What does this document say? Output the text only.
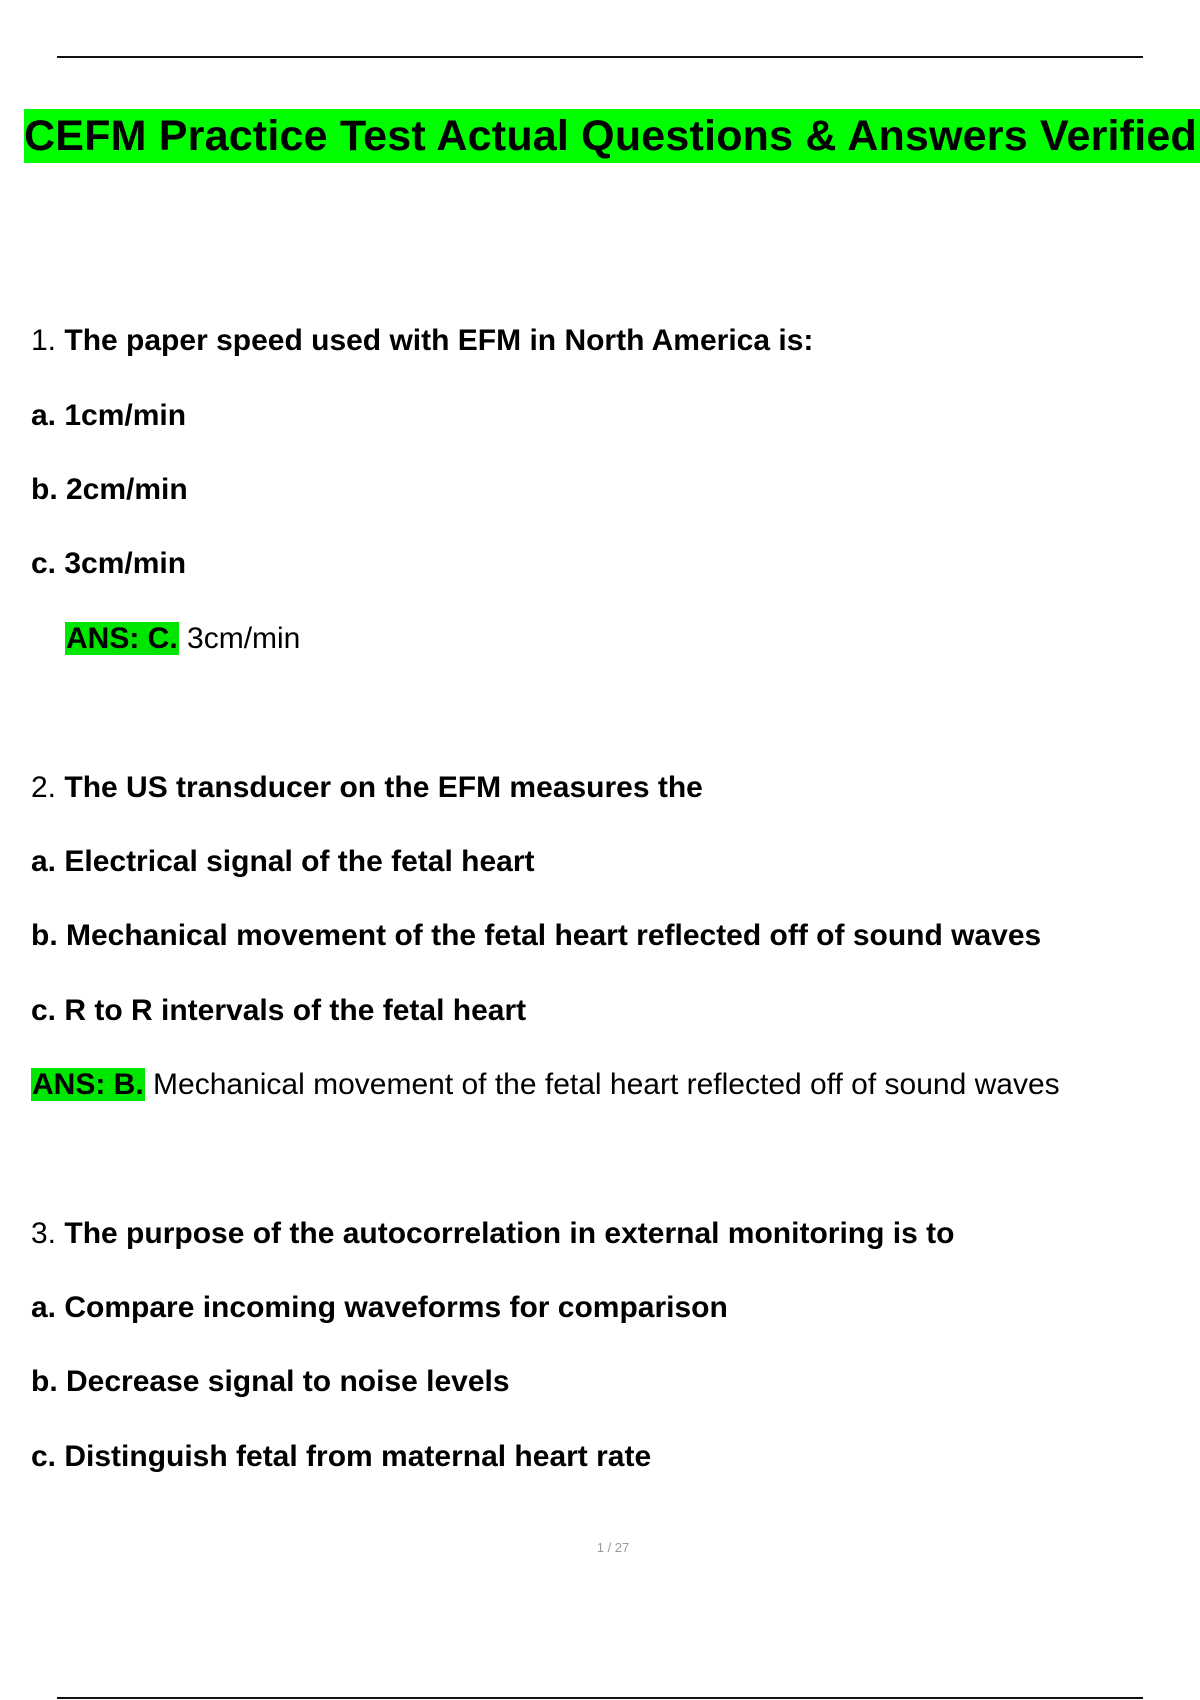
CEFM Practice Test Actual Questions & Answers Verified
1. The paper speed used with EFM in North America is:
a. 1cm/min
b. 2cm/min
c. 3cm/min
ANS: C. 3cm/min
2. The US transducer on the EFM measures the
a. Electrical signal of the fetal heart
b. Mechanical movement of the fetal heart reflected off of sound waves
c. R to R intervals of the fetal heart
ANS: B. Mechanical movement of the fetal heart reflected off of sound waves
3. The purpose of the autocorrelation in external monitoring is to
a. Compare incoming waveforms for comparison
b. Decrease signal to noise levels
c. Distinguish fetal from maternal heart rate
1 / 27
